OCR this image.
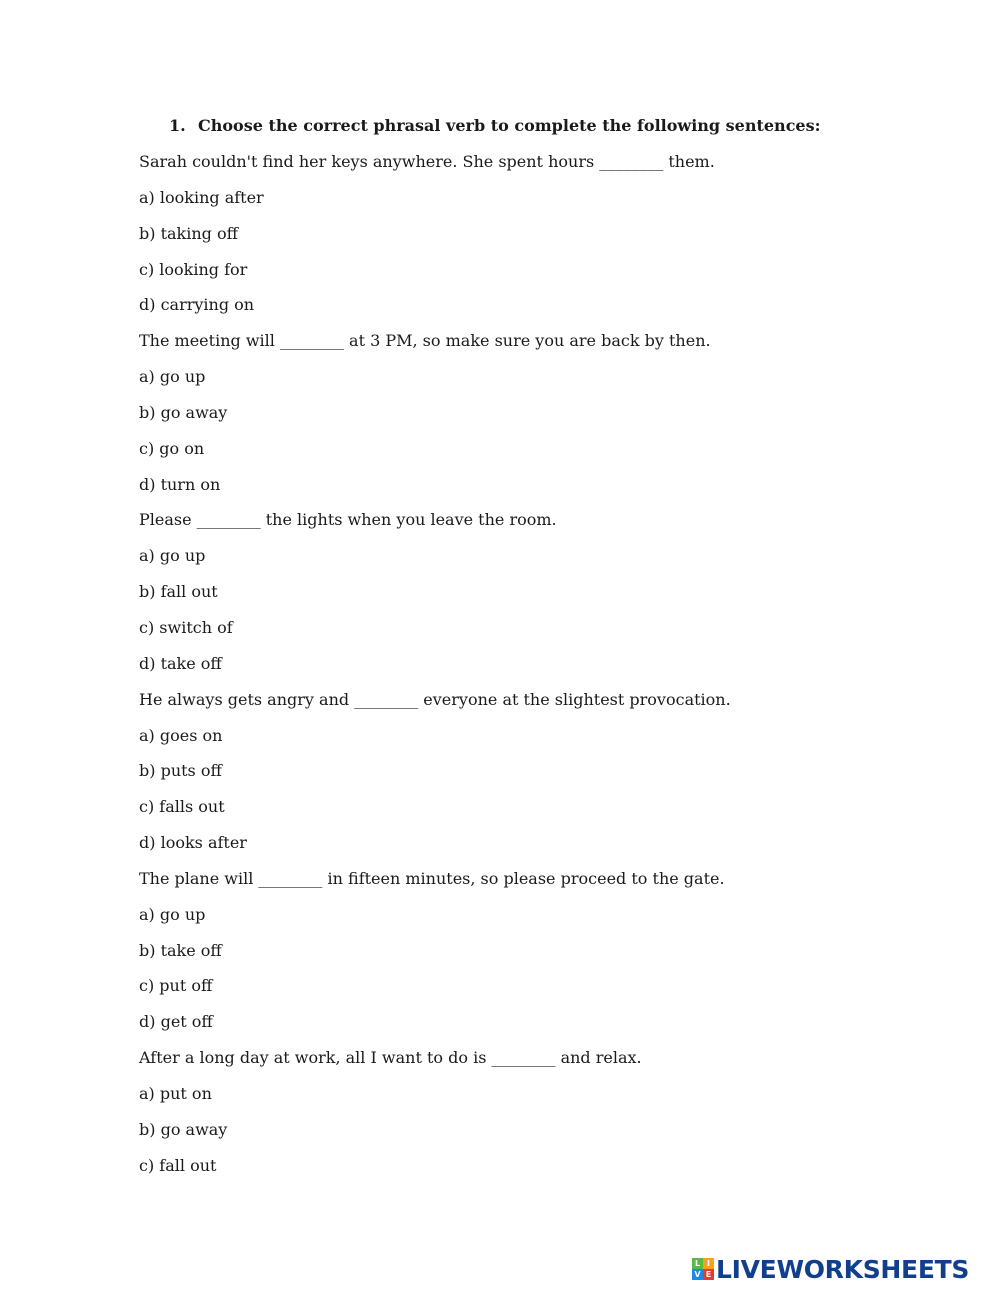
1. Choose the correct phrasal verb to complete the following sentences:
Sarah couldn't find her keys anywhere. She spent hours ________ them.
a) looking after
b) taking off
c) looking for
d) carrying on
The meeting will ________ at 3 PM, so make sure you are back by then.
a) go up
b) go away
c) go on
d) turn on
Please ________ the lights when you leave the room.
a) go up
b) fall out
c) switch of
d) take off
He always gets angry and ________ everyone at the slightest provocation.
a) goes on
b) puts off
c) falls out
d) looks after
The plane will ________ in fifteen minutes, so please proceed to the gate.
a) go up
b) take off
c) put off
d) get off
After a long day at work, all I want to do is ________ and relax.
a) put on
b) go away
c) fall out
L I
V E LIVEWORKSHEETS
